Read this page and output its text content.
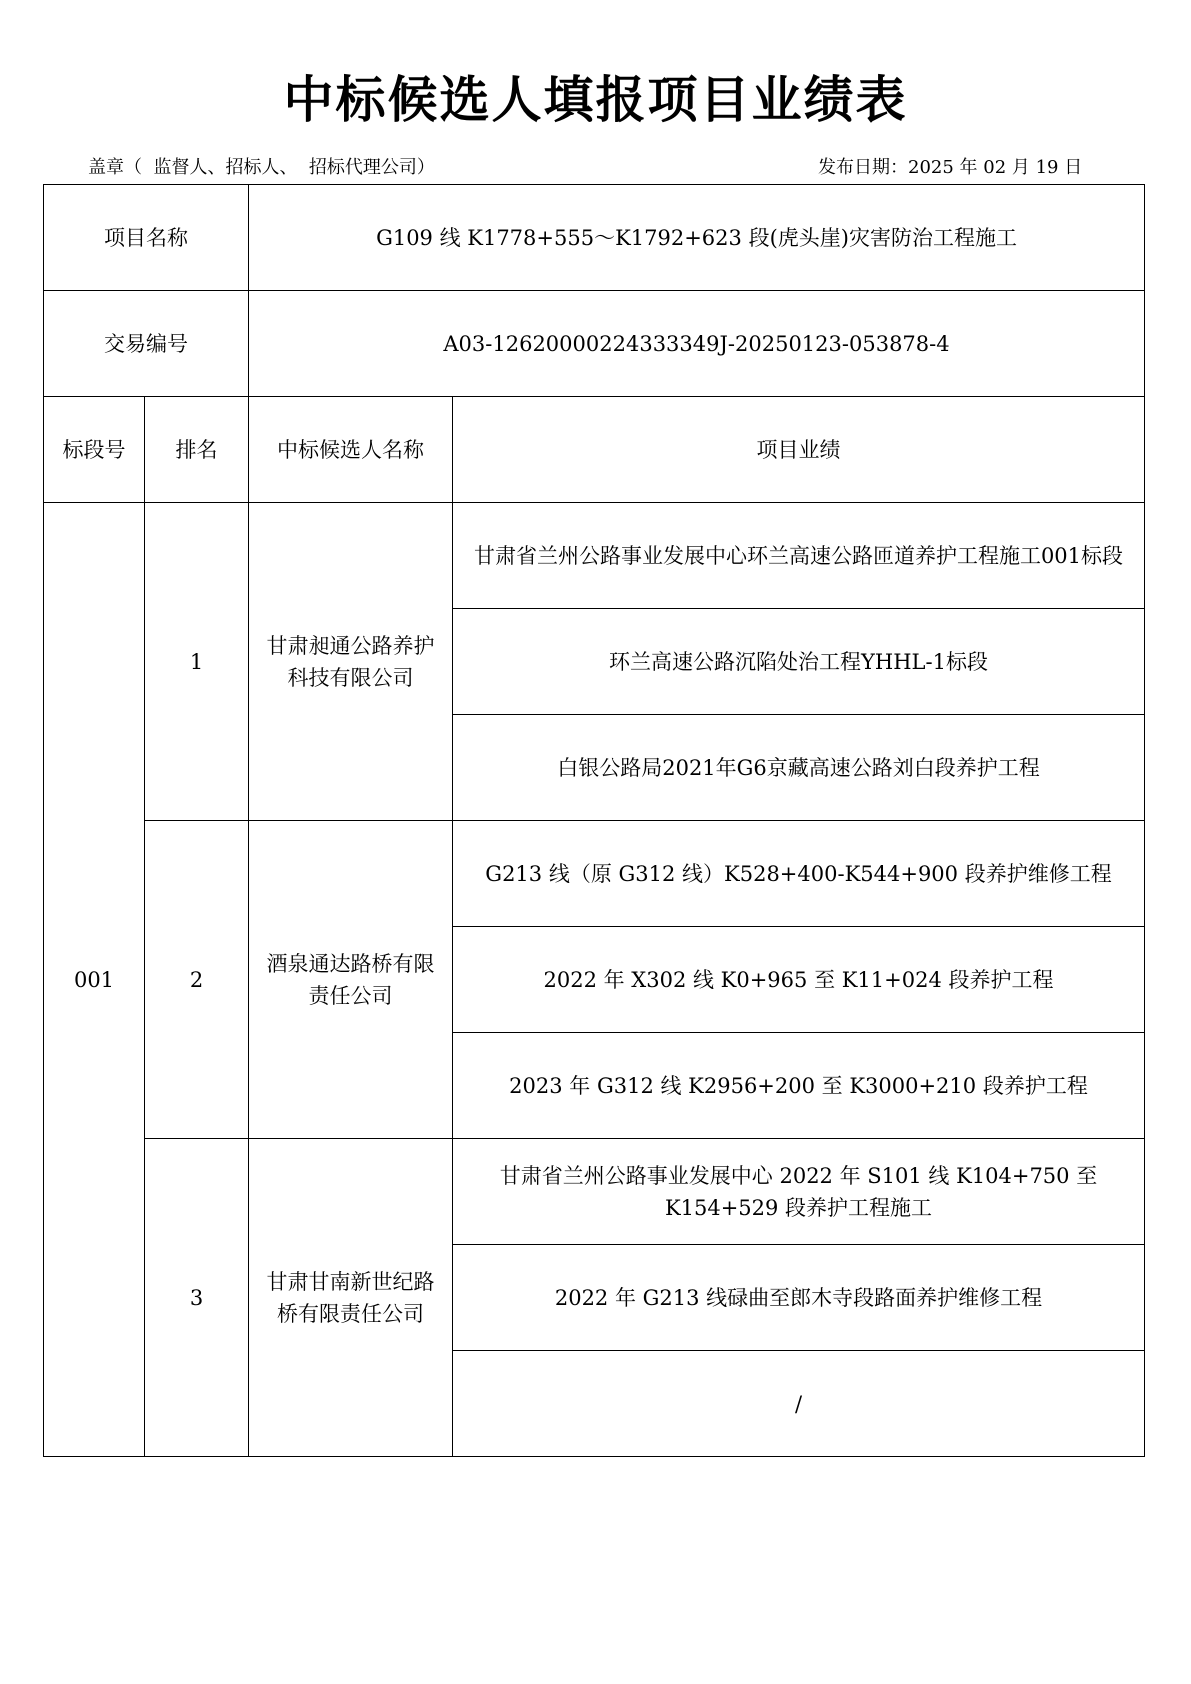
中标候选人填报项目业绩表
盖章（  监督人、招标人、  招标代理公司）	发布日期：2025 年 02 月 19 日
项目名称		G109 线 K1778+555～K1792+623 段(虎头崖)灾害防治工程施工	
交易编号		A03-12620000224333349J-20250123-053878-4	
标段号	排名	中标候选人名称	项目业绩
001	1	甘肃昶通公路养护科技有限公司	甘肃省兰州公路事业发展中心环兰高速公路匝道养护工程施工001标段
			环兰高速公路沉陷处治工程YHHL-1标段
			白银公路局2021年G6京藏高速公路刘白段养护工程
	2	酒泉通达路桥有限责任公司	G213 线（原 G312 线）K528+400-K544+900 段养护维修工程
			2022 年 X302 线 K0+965 至 K11+024 段养护工程
			2023 年 G312 线 K2956+200 至 K3000+210 段养护工程
	3	甘肃甘南新世纪路桥有限责任公司	甘肃省兰州公路事业发展中心 2022 年 S101 线 K104+750 至 K154+529 段养护工程施工
			2022 年 G213 线碌曲至郎木寺段路面养护维修工程
			/
